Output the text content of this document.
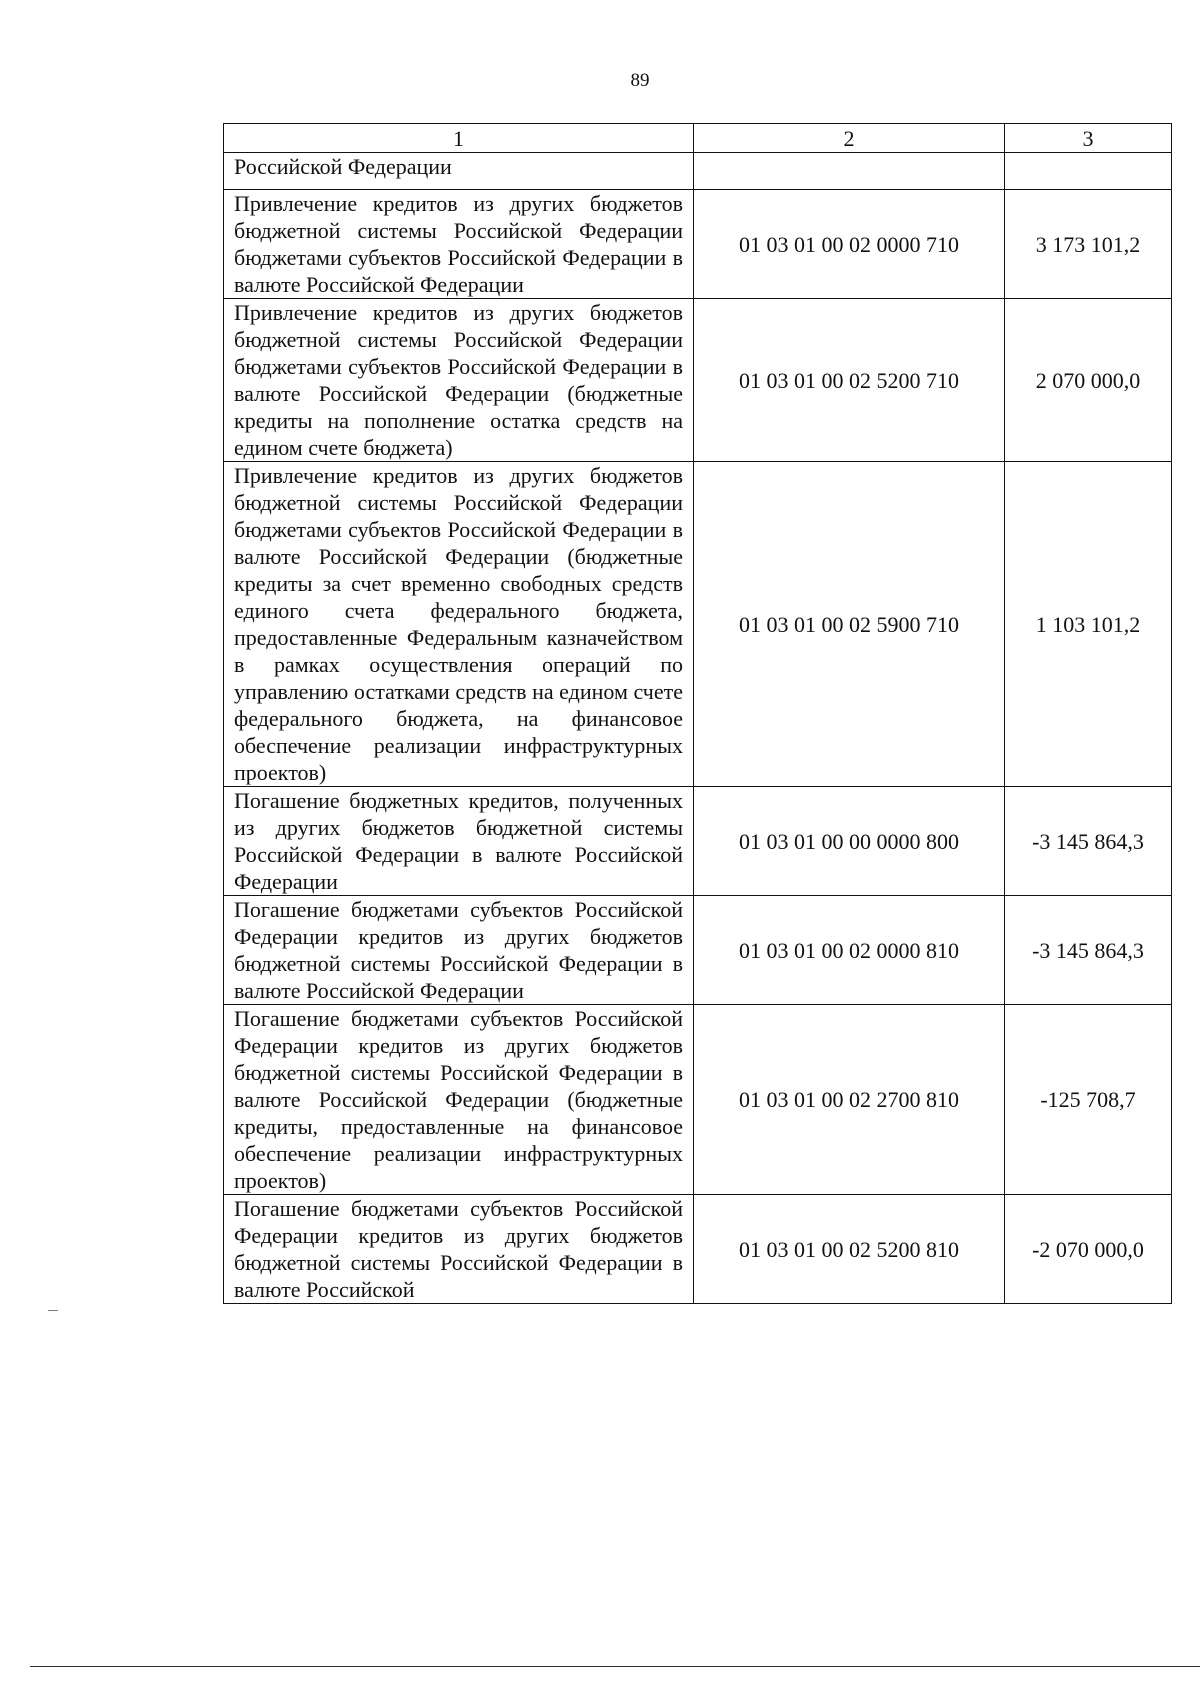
89
1	2	3
Российской Федерации		
Привлечение кредитов из других бюджетов бюджетной системы Российской Федерации бюджетами субъектов Российской Федерации в валюте Российской Федерации	01 03 01 00 02 0000 710	3 173 101,2
Привлечение кредитов из других бюджетов бюджетной системы Российской Федерации бюджетами субъектов Российской Федерации в валюте Российской Федерации (бюджетные кредиты на пополнение остатка средств на едином счете бюджета)	01 03 01 00 02 5200 710	2 070 000,0
Привлечение кредитов из других бюджетов бюджетной системы Российской Федерации бюджетами субъектов Российской Федерации в валюте Российской Федерации (бюджетные кредиты за счет временно свободных средств единого счета федерального бюджета, предоставленные Федеральным казначейством в рамках осуществления операций по управлению остатками средств на едином счете федерального бюджета, на финансовое обеспечение реализации инфраструктурных проектов)	01 03 01 00 02 5900 710	1 103 101,2
Погашение бюджетных кредитов, полученных из других бюджетов бюджетной системы Российской Федерации в валюте Российской Федерации	01 03 01 00 00 0000 800	-3 145 864,3
Погашение бюджетами субъектов Российской Федерации кредитов из других бюджетов бюджетной системы Российской Федерации в валюте Российской Федерации	01 03 01 00 02 0000 810	-3 145 864,3
Погашение бюджетами субъектов Российской Федерации кредитов из других бюджетов бюджетной системы Российской Федерации в валюте Российской Федерации (бюджетные кредиты, предоставленные на финансовое обеспечение реализации инфраструктурных проектов)	01 03 01 00 02 2700 810	-125 708,7
Погашение бюджетами субъектов Российской Федерации кредитов из других бюджетов бюджетной системы Российской Федерации в валюте Российской	01 03 01 00 02 5200 810	-2 070 000,0
